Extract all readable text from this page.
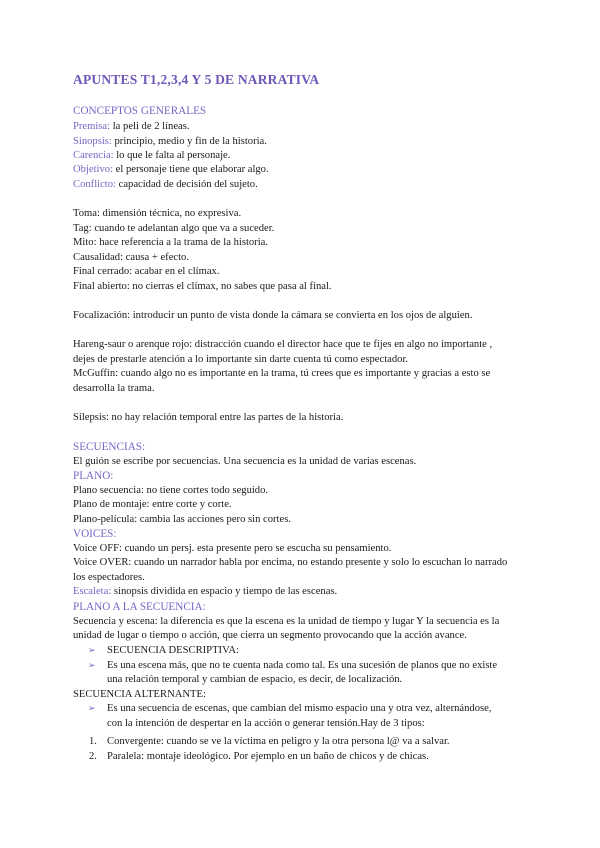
APUNTES T1,2,3,4 Y 5 DE NARRATIVA
CONCEPTOS GENERALES
Premisa: la peli de 2 líneas.
Sinopsis: principio, medio y fin de la historia.
Carencia: lo que le falta al personaje.
Objetivo: el personaje tiene que elaborar algo.
Conflicto: capacidad de decisión del sujeto.
Toma: dimensión técnica, no expresiva.
Tag: cuando te adelantan algo que va a suceder.
Mito: hace referencia a la trama de la historia.
Causalidad: causa + efecto.
Final cerrado: acabar en el clímax.
Final abierto: no cierras el clímax, no sabes que pasa al final.
Focalización: introducir un punto de vista donde la cámara se convierta en los ojos de alguien.
Hareng-saur o arenque rojo: distracción cuando el director hace que te fijes en algo no importante ,
dejes de prestarle atención a lo importante sin darte cuenta tú como espectador.
McGuffin: cuando algo no es importante en la trama, tú crees que es importante y gracias a esto se
desarrolla la trama.
Silepsis: no hay relación temporal entre las partes de la historia.
SECUENCIAS:
El guión se escribe por secuencias. Una secuencia es la unidad de varias escenas.
PLANO:
Plano secuencia: no tiene cortes todo seguido.
Plano de montaje: entre corte y corte.
Plano-película: cambia las acciones pero sin cortes.
VOICES:
Voice OFF: cuando un persj. esta presente pero se escucha su pensamiento.
Voice OVER: cuando un narrador habla por encima, no estando presente y solo lo escuchan lo narrado
los espectadores.
Escaleta: sinopsis dividida en espacio y tiempo de las escenas.
PLANO A LA SECUENCIA:
Secuencia y escena: la diferencia es que la escena es la unidad de tiempo y lugar Y la secuencia es la
unidad de lugar o tiempo o acción, que cierra un segmento provocando que la acción avance.
➢ SECUENCIA DESCRIPTIVA:
➢ Es una escena más, que no te cuenta nada como tal. Es una sucesión de planos que no existe
una relación temporal y cambian de espacio, es decir, de localización.
SECUENCIA ALTERNANTE:
➢ Es una secuencia de escenas, que cambian del mismo espacio una y otra vez, alternándose,
con la intención de despertar en la acción o generar tensión.Hay de 3 tipos:
1. Convergente: cuando se ve la víctima en peligro y la otra persona l@ va a salvar.
2. Paralela: montaje ideológico. Por ejemplo en un baño de chicos y de chicas.
